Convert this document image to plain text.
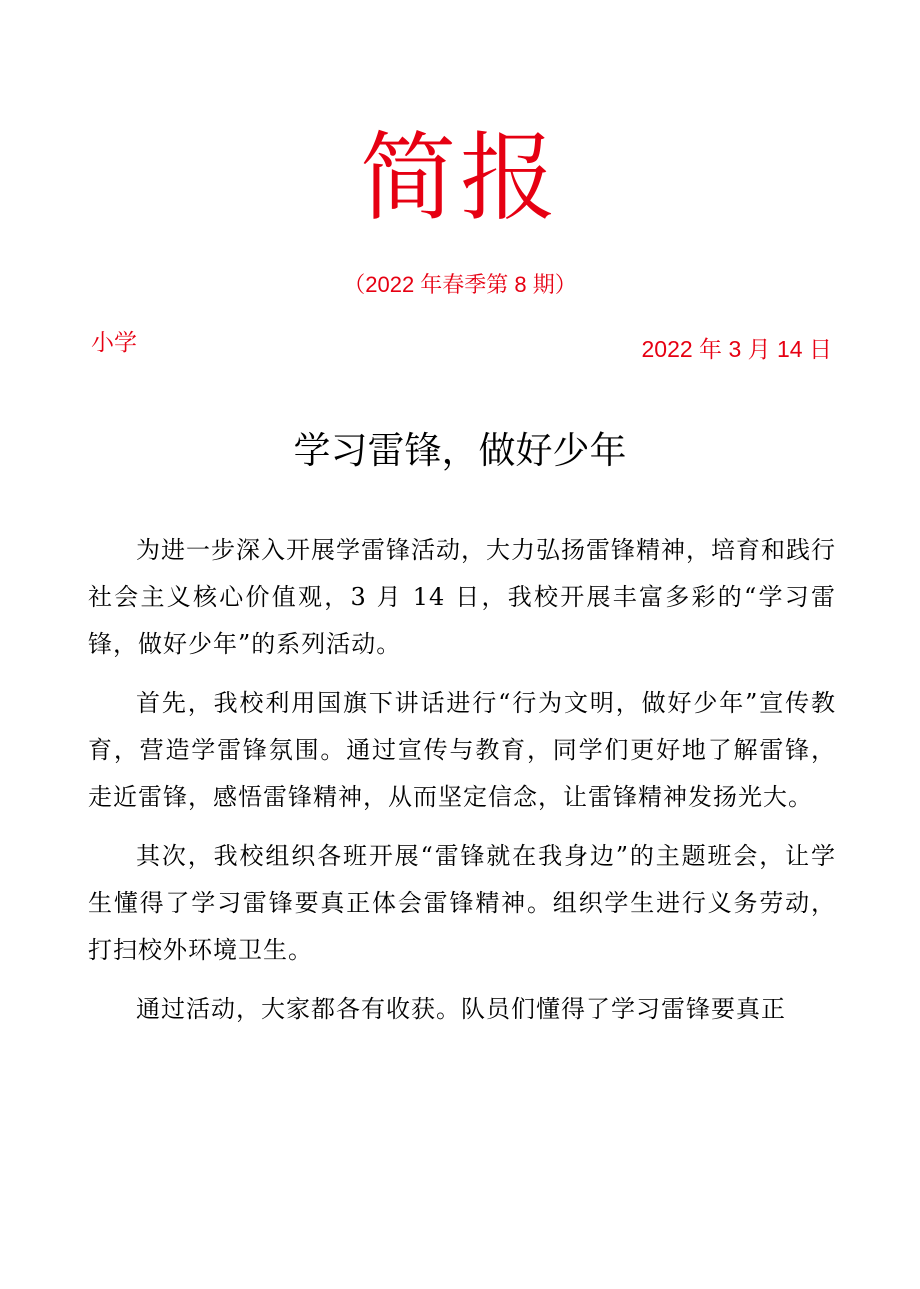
简报
（2022 年春季第 8 期）
小学	2022 年 3 月 14 日
学习雷锋，做好少年

为进一步深入开展学雷锋活动，大力弘扬雷锋精神，培育和践行社会主义核心价值观，3 月 14 日，我校开展丰富多彩的“学习雷锋，做好少年”的系列活动。

首先，我校利用国旗下讲话进行“行为文明，做好少年”宣传教育，营造学雷锋氛围。通过宣传与教育，同学们更好地了解雷锋，走近雷锋，感悟雷锋精神，从而坚定信念，让雷锋精神发扬光大。

其次，我校组织各班开展“雷锋就在我身边”的主题班会，让学生懂得了学习雷锋要真正体会雷锋精神。组织学生进行义务劳动，打扫校外环境卫生。

通过活动，大家都各有收获。队员们懂得了学习雷锋要真正
